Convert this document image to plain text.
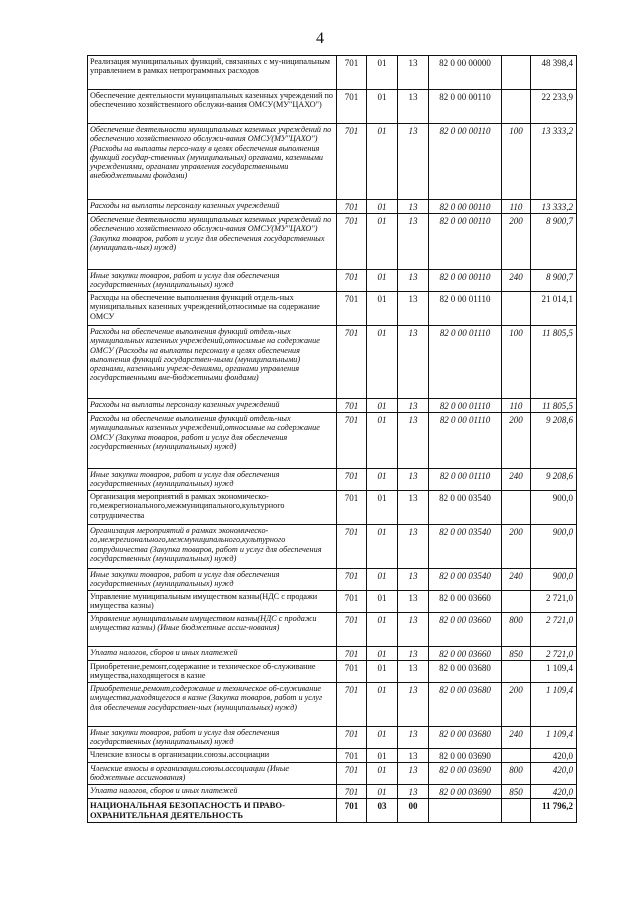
4
Реализация муниципальных функций, связанных с му-ниципальным управлением в рамках непрограммных расходов	701	01	13	82 0 00 00000		48 398,4
Обеспечение деятельности муниципальных казенных учреждений по обеспечению хозяйственного обслужи-вания ОМСУ(МУ"ЦАХО")	701	01	13	82 0 00 00110		22 233,9
Обеспечение деятельности муниципальных казенных учреждений по обеспечению хозяйственного обслужи-вания ОМСУ(МУ"ЦАХО") (Расходы на выплаты персо-налу в целях обеспечения выполнения функций государ-ственных (муниципальных) органами, казенными учреждениями, органами управления государственными внебюджетными фондами)	701	01	13	82 0 00 00110	100	13 333,2
Расходы на выплаты персоналу казенных учреждений	701	01	13	82 0 00 00110	110	13 333,2
Обеспечение деятельности муниципальных казенных учреждений по обеспечению хозяйственного обслужи-вания ОМСУ(МУ"ЦАХО") (Закупка товаров, работ и услуг для обеспечения государственных (муниципаль-ных) нужд)	701	01	13	82 0 00 00110	200	8 900,7
Иные закупки товаров, работ и услуг для обеспечения государственных (муниципальных) нужд	701	01	13	82 0 00 00110	240	8 900,7
Расходы на обеспечение выполнения функций отдель-ных муниципальных казенных учреждений,относимые на содержание ОМСУ	701	01	13	82 0 00 01110		21 014,1
Расходы на обеспечение выполнения функций отдель-ных муниципальных казенных учреждений,относимые на содержание ОМСУ (Расходы на выплаты персоналу в целях обеспечения выполнения функций государствен-ными (муниципальными) органами, казенными учреж-дениями, органами управления государственными вне-бюджетными фондами)	701	01	13	82 0 00 01110	100	11 805,5
Расходы на выплаты персоналу казенных учреждений	701	01	13	82 0 00 01110	110	11 805,5
Расходы на обеспечение выполнения функций отдель-ных муниципальных казенных учреждений,относимые на содержание ОМСУ (Закупка товаров, работ и услуг для обеспечения государственных (муниципальных) нужд)	701	01	13	82 0 00 01110	200	9 208,6
Иные закупки товаров, работ и услуг для обеспечения государственных (муниципальных) нужд	701	01	13	82 0 00 01110	240	9 208,6
Организация мероприятий в рамках экономическо-го,межрегионального,межмуниципального,культурного сотрудничества	701	01	13	82 0 00 03540		900,0
Организация мероприятий в рамках экономическо-го,межрегионального,межмуниципального,культурного сотрудничества (Закупка товаров, работ и услуг для обеспечения государственных (муниципальных) нужд)	701	01	13	82 0 00 03540	200	900,0
Иные закупки товаров, работ и услуг для обеспечения государственных (муниципальных) нужд	701	01	13	82 0 00 03540	240	900,0
Управление муниципальным имуществом казны(НДС с продажи имущества казны)	701	01	13	82 0 00 03660		2 721,0
Управление муниципальным имуществом казны(НДС с продажи имущества казны) (Иные бюджетные ассиг-нования)	701	01	13	82 0 00 03660	800	2 721,0
Уплата налогов, сборов и иных платежей	701	01	13	82 0 00 03660	850	2 721,0
Приобретение,ремонт,содержание и техническое об-служивание имущества,находящегося в казне	701	01	13	82 0 00 03680		1 109,4
Приобретение,ремонт,содержание и техническое об-служивание имущества,находящегося в казне (Закупка товаров, работ и услуг для обеспечения государствен-ных (муниципальных) нужд)	701	01	13	82 0 00 03680	200	1 109,4
Иные закупки товаров, работ и услуг для обеспечения государственных (муниципальных) нужд	701	01	13	82 0 00 03680	240	1 109,4
Членские взносы в организации.союзы.ассоциации	701	01	13	82 0 00 03690		420,0
Членские взносы в организации.союзы.ассоциации (Иные бюджетные ассигнования)	701	01	13	82 0 00 03690	800	420,0
Уплата налогов, сборов и иных платежей	701	01	13	82 0 00 03690	850	420,0
НАЦИОНАЛЬНАЯ БЕЗОПАСНОСТЬ И ПРАВО-ОХРАНИТЕЛЬНАЯ ДЕЯТЕЛЬНОСТЬ	701	03	00			11 796,2
